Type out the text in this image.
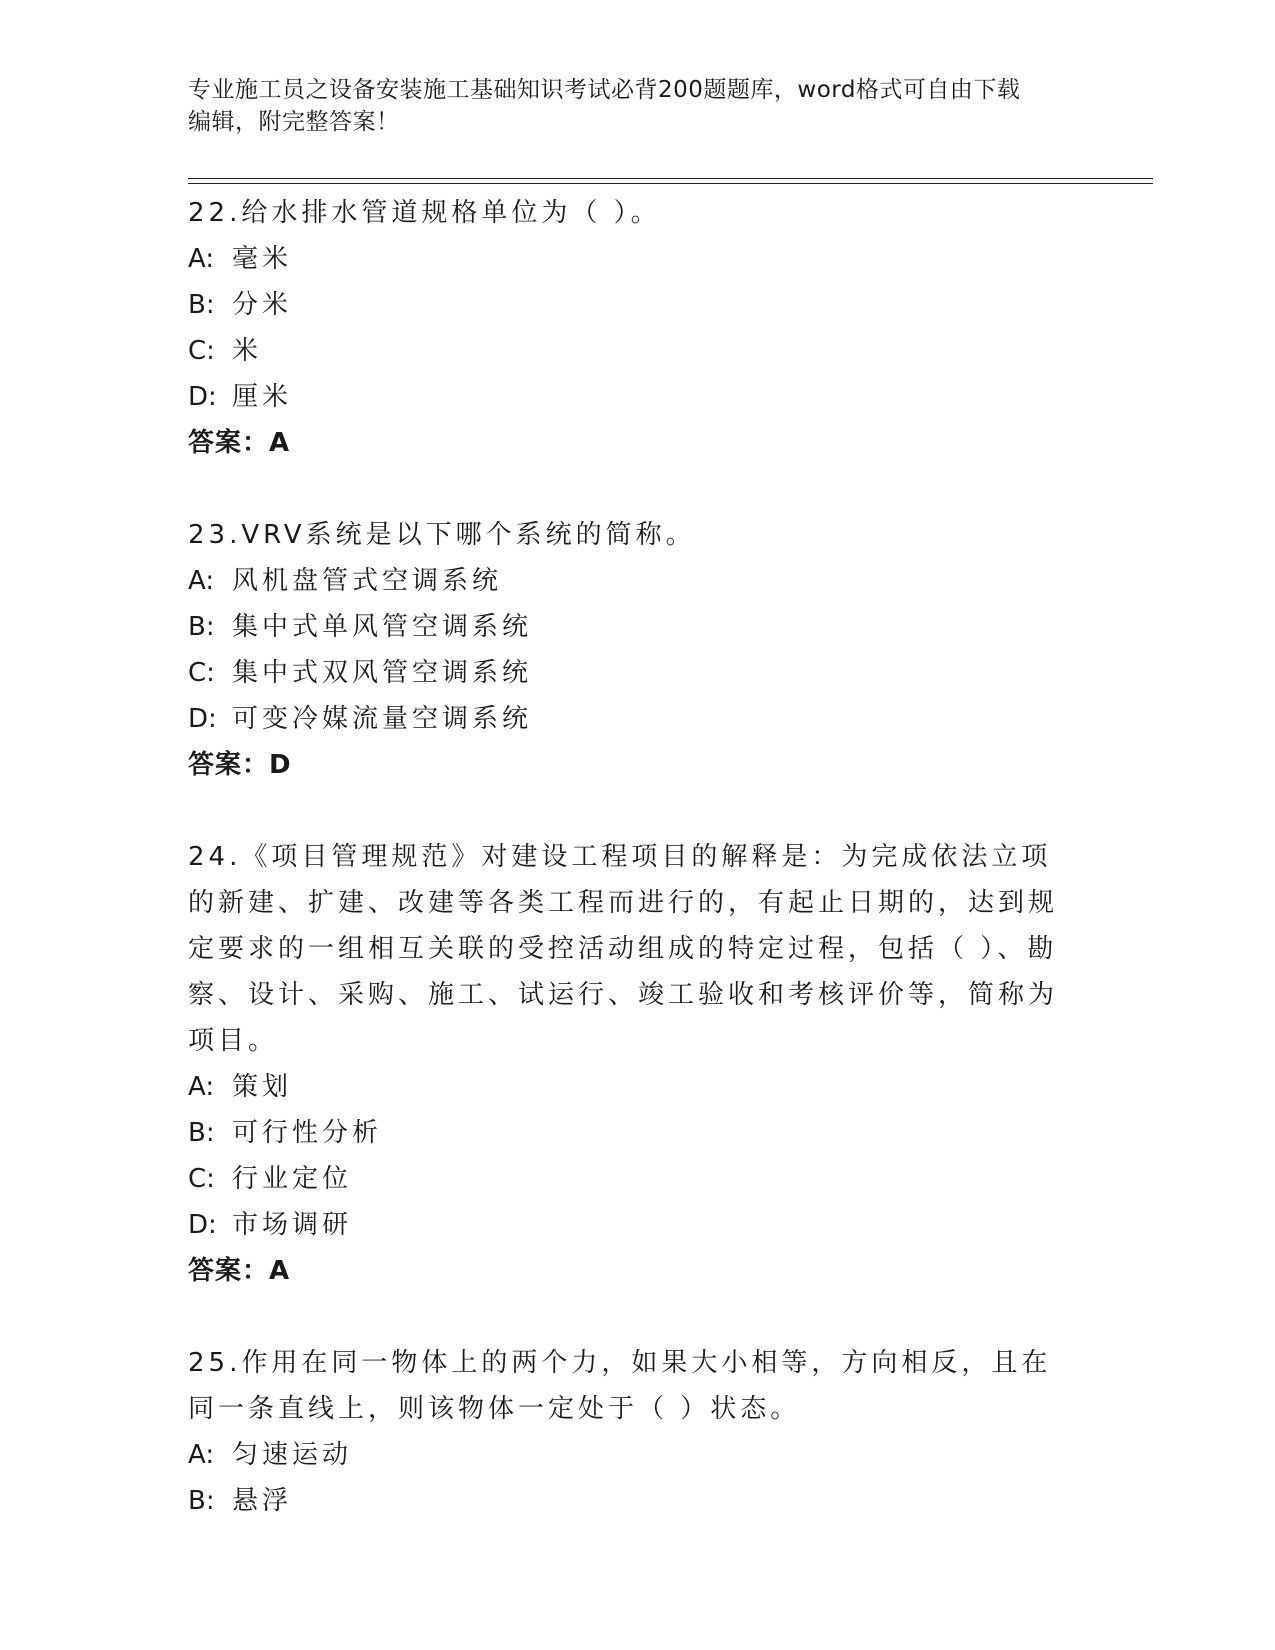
专业施工员之设备安装施工基础知识考试必背200题题库，word格式可自由下载
编辑，附完整答案！

22.给水排水管道规格单位为（ ）。

A: 毫米

B: 分米

C: 米

D: 厘米

答案：A

23.VRV系统是以下哪个系统的简称。

A: 风机盘管式空调系统

B: 集中式单风管空调系统

C: 集中式双风管空调系统

D: 可变冷媒流量空调系统

答案：D

24.《项目管理规范》对建设工程项目的解释是：为完成依法立项的新建、扩建、改建等各类工程而进行的，有起止日期的，达到规定要求的一组相互关联的受控活动组成的特定过程，包括（ ）、勘察、设计、采购、施工、试运行、竣工验收和考核评价等，简称为项目。

A: 策划

B: 可行性分析

C: 行业定位

D: 市场调研

答案：A

25.作用在同一物体上的两个力，如果大小相等，方向相反，且在同一条直线上，则该物体一定处于（ ）状态。

A: 匀速运动

B: 悬浮
